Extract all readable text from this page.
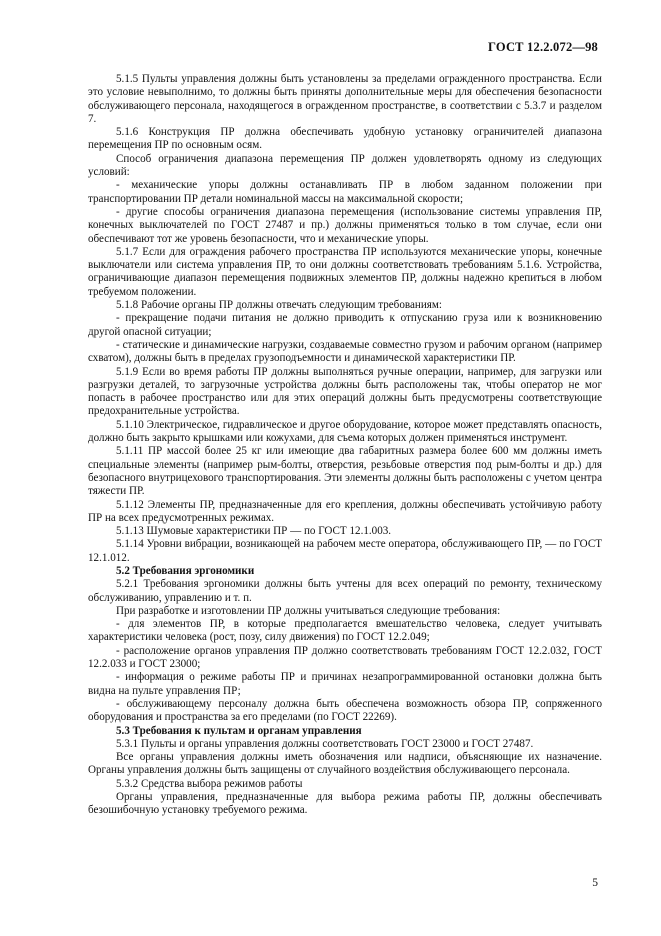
ГОСТ 12.2.072—98

5.1.5 Пульты управления должны быть установлены за пределами огражденного пространства. Если это условие невыполнимо, то должны быть приняты дополнительные меры для обеспечения безопасности обслуживающего персонала, находящегося в огражденном пространстве, в соответствии с 5.3.7 и разделом 7.

5.1.6 Конструкция ПР должна обеспечивать удобную установку ограничителей диапазона перемещения ПР по основным осям.

Способ ограничения диапазона перемещения ПР должен удовлетворять одному из следующих условий:

- механические упоры должны останавливать ПР в любом заданном положении при транспортировании ПР детали номинальной массы на максимальной скорости;

- другие способы ограничения диапазона перемещения (использование системы управления ПР, конечных выключателей по ГОСТ 27487 и пр.) должны применяться только в том случае, если они обеспечивают тот же уровень безопасности, что и механические упоры.

5.1.7 Если для ограждения рабочего пространства ПР используются механические упоры, конечные выключатели или система управления ПР, то они должны соответствовать требованиям 5.1.6. Устройства, ограничивающие диапазон перемещения подвижных элементов ПР, должны надежно крепиться в любом требуемом положении.

5.1.8 Рабочие органы ПР должны отвечать следующим требованиям:

- прекращение подачи питания не должно приводить к отпусканию груза или к возникновению другой опасной ситуации;

- статические и динамические нагрузки, создаваемые совместно грузом и рабочим органом (например схватом), должны быть в пределах грузоподъемности и динамической характеристики ПР.

5.1.9 Если во время работы ПР должны выполняться ручные операции, например, для загрузки или разгрузки деталей, то загрузочные устройства должны быть расположены так, чтобы оператор не мог попасть в рабочее пространство или для этих операций должны быть предусмотрены соответствующие предохранительные устройства.

5.1.10 Электрическое, гидравлическое и другое оборудование, которое может представлять опасность, должно быть закрыто крышками или кожухами, для съема которых должен применяться инструмент.

5.1.11 ПР массой более 25 кг или имеющие два габаритных размера более 600 мм должны иметь специальные элементы (например рым-болты, отверстия, резьбовые отверстия под рым-болты и др.) для безопасного внутрицехового транспортирования. Эти элементы должны быть расположены с учетом центра тяжести ПР.

5.1.12 Элементы ПР, предназначенные для его крепления, должны обеспечивать устойчивую работу ПР на всех предусмотренных режимах.

5.1.13 Шумовые характеристики ПР — по ГОСТ 12.1.003.

5.1.14 Уровни вибрации, возникающей на рабочем месте оператора, обслуживающего ПР, — по ГОСТ 12.1.012.

5.2 Требования эргономики

5.2.1 Требования эргономики должны быть учтены для всех операций по ремонту, техническому обслуживанию, управлению и т. п.

При разработке и изготовлении ПР должны учитываться следующие требования:

- для элементов ПР, в которые предполагается вмешательство человека, следует учитывать характеристики человека (рост, позу, силу движения) по ГОСТ 12.2.049;

- расположение органов управления ПР должно соответствовать требованиям ГОСТ 12.2.032, ГОСТ 12.2.033 и ГОСТ 23000;

- информация о режиме работы ПР и причинах незапрограммированной остановки должна быть видна на пульте управления ПР;

- обслуживающему персоналу должна быть обеспечена возможность обзора ПР, сопряженного оборудования и пространства за его пределами (по ГОСТ 22269).

5.3 Требования к пультам и органам управления

5.3.1 Пульты и органы управления должны соответствовать ГОСТ 23000 и ГОСТ 27487.

Все органы управления должны иметь обозначения или надписи, объясняющие их назначение. Органы управления должны быть защищены от случайного воздействия обслуживающего персонала.

5.3.2 Средства выбора режимов работы

Органы управления, предназначенные для выбора режима работы ПР, должны обеспечивать безошибочную установку требуемого режима.

5
